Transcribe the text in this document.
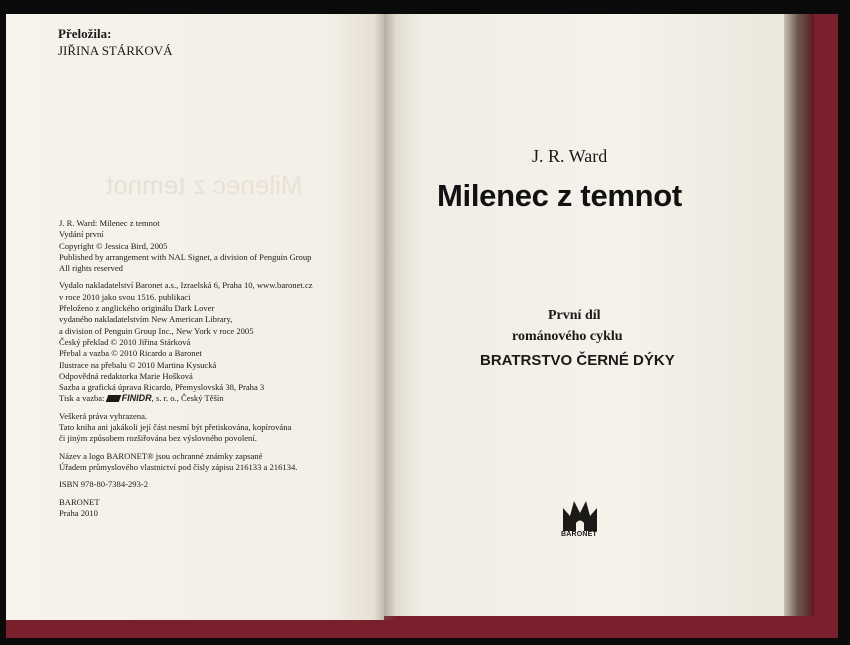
Přeložila:
JIŘINA STÁRKOVÁ
Milenec z temnot
J. R. Ward: Milenec z temnot
Vydání první
Copyright © Jessica Bird, 2005
Published by arrangement with NAL Signet, a division of Penguin Group
All rights reserved
Vydalo nakladatelství Baronet a.s., Izraelská 6, Praha 10, www.baronet.cz
v roce 2010 jako svou 1516. publikaci
Přeloženo z anglického originálu Dark Lover
vydaného nakladatelstvím New American Library,
a division of Penguin Group Inc., New York v roce 2005
Český překlad © 2010 Jiřina Stárková
Přebal a vazba © 2010 Ricardo a Baronet
Ilustrace na přebalu © 2010 Martina Kysucká
Odpovědná redaktorka Marie Hošková
Sazba a grafická úprava Ricardo, Přemyslovská 38, Praha 3
Tisk a vazba: FINIDR, s. r. o., Český Těšín
Veškerá práva vyhrazena.
Tato kniha ani jakákoli její část nesmí být přetiskována, kopírována
či jiným způsobem rozšiřována bez výslovného povolení.
Název a logo BARONET® jsou ochranné známky zapsané
Úřadem průmyslového vlastnictví pod čísly zápisu 216133 a 216134.
ISBN 978-80-7384-293-2
BARONET
Praha 2010
J. R. Ward
Milenec z temnot
První díl
románového cyklu
BRATRSTVO ČERNÉ DÝKY
BARONET
